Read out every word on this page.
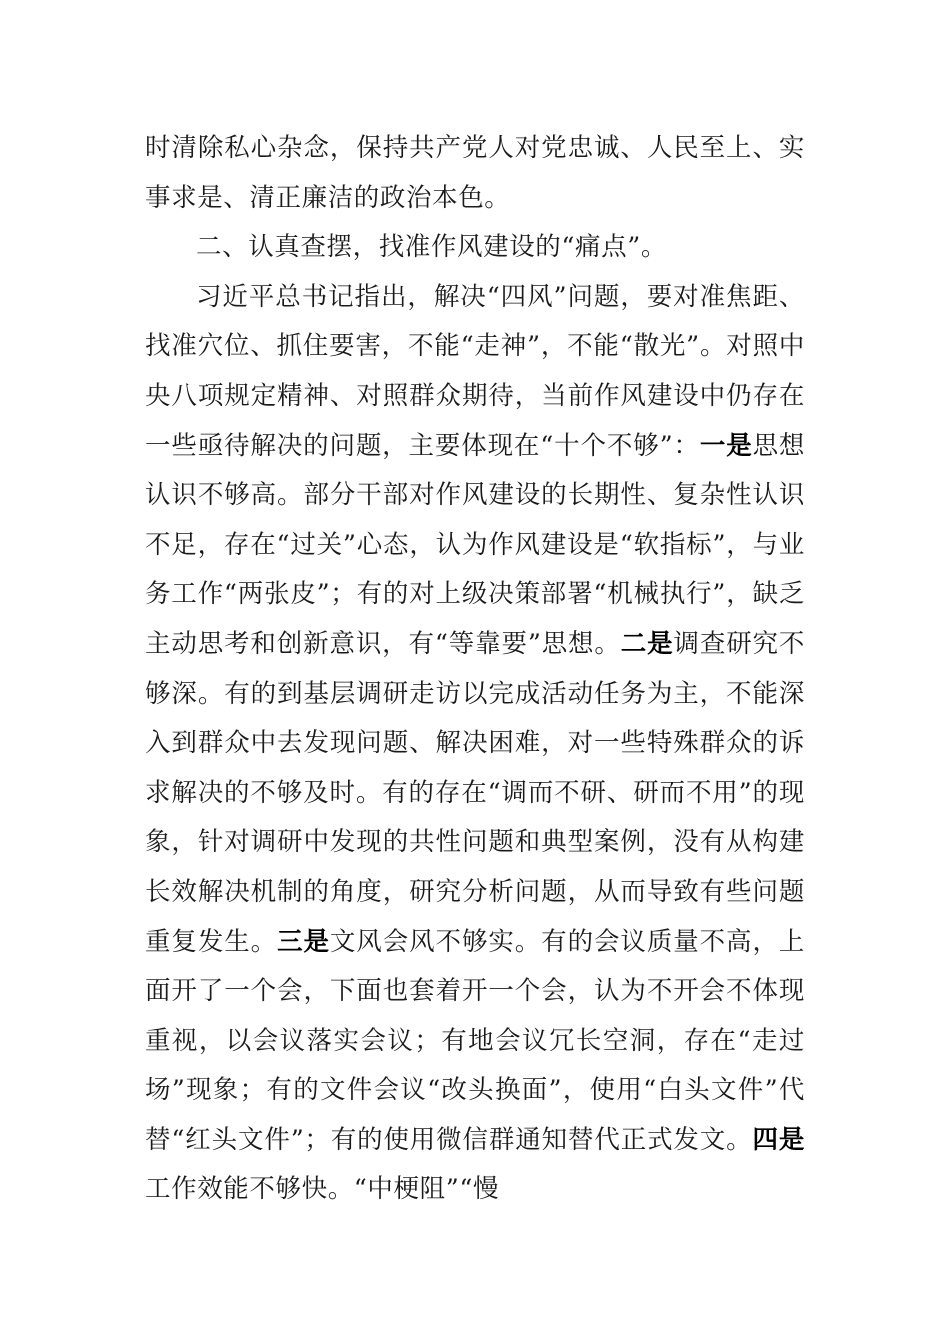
时清除私心杂念，保持共产党人对党忠诚、人民至上、实事求是、清正廉洁的政治本色。

二、认真查摆，找准作风建设的“痛点”。

习近平总书记指出，解决“四风”问题，要对准焦距、找准穴位、抓住要害，不能“走神”，不能“散光”。对照中央八项规定精神、对照群众期待，当前作风建设中仍存在一些亟待解决的问题，主要体现在“十个不够”：一是思想认识不够高。部分干部对作风建设的长期性、复杂性认识不足，存在“过关”心态，认为作风建设是“软指标”，与业务工作“两张皮”；有的对上级决策部署“机械执行”，缺乏主动思考和创新意识，有“等靠要”思想。二是调查研究不够深。有的到基层调研走访以完成活动任务为主，不能深入到群众中去发现问题、解决困难，对一些特殊群众的诉求解决的不够及时。有的存在“调而不研、研而不用”的现象，针对调研中发现的共性问题和典型案例，没有从构建长效解决机制的角度，研究分析问题，从而导致有些问题重复发生。三是文风会风不够实。有的会议质量不高，上面开了一个会，下面也套着开一个会，认为不开会不体现重视，以会议落实会议；有地会议冗长空洞，存在“走过场”现象；有的文件会议“改头换面”，使用“白头文件”代替“红头文件”；有的使用微信群通知替代正式发文。四是工作效能不够快。“中梗阻”“慢
